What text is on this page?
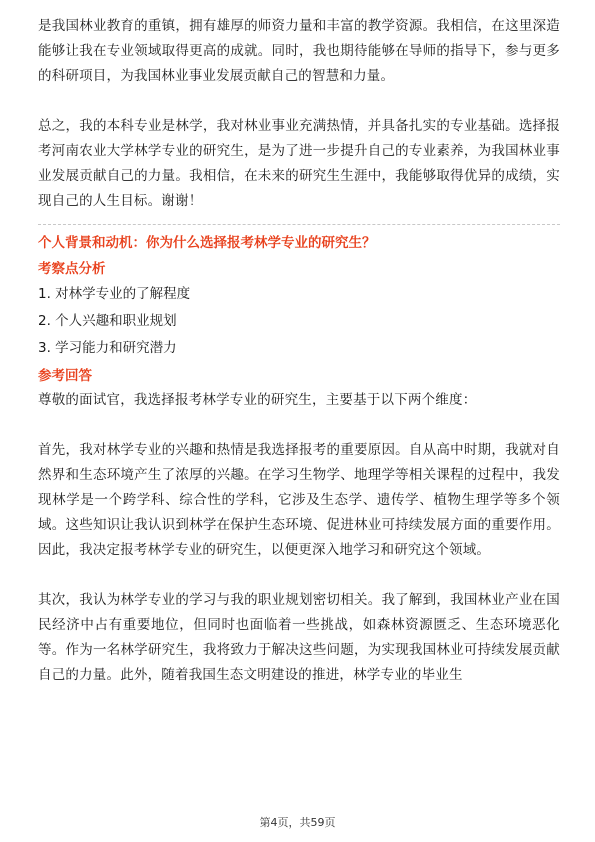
是我国林业教育的重镇，拥有雄厚的师资力量和丰富的教学资源。我相信，在这里深造能够让我在专业领域取得更高的成就。同时，我也期待能够在导师的指导下，参与更多的科研项目，为我国林业事业发展贡献自己的智慧和力量。

总之，我的本科专业是林学，我对林业事业充满热情，并具备扎实的专业基础。选择报考河南农业大学林学专业的研究生，是为了进一步提升自己的专业素养，为我国林业事业发展贡献自己的力量。我相信，在未来的研究生生涯中，我能够取得优异的成绩，实现自己的人生目标。谢谢！

个人背景和动机：你为什么选择报考林学专业的研究生？
考察点分析
1. 对林学专业的了解程度
2. 个人兴趣和职业规划
3. 学习能力和研究潜力
参考回答

尊敬的面试官，我选择报考林学专业的研究生，主要基于以下两个维度：

首先，我对林学专业的兴趣和热情是我选择报考的重要原因。自从高中时期，我就对自然界和生态环境产生了浓厚的兴趣。在学习生物学、地理学等相关课程的过程中，我发现林学是一个跨学科、综合性的学科，它涉及生态学、遗传学、植物生理学等多个领域。这些知识让我认识到林学在保护生态环境、促进林业可持续发展方面的重要作用。因此，我决定报考林学专业的研究生，以便更深入地学习和研究这个领域。

其次，我认为林学专业的学习与我的职业规划密切相关。我了解到，我国林业产业在国民经济中占有重要地位，但同时也面临着一些挑战，如森林资源匮乏、生态环境恶化等。作为一名林学研究生，我将致力于解决这些问题，为实现我国林业可持续发展贡献自己的力量。此外，随着我国生态文明建设的推进，林学专业的毕业生

第4页，共59页
